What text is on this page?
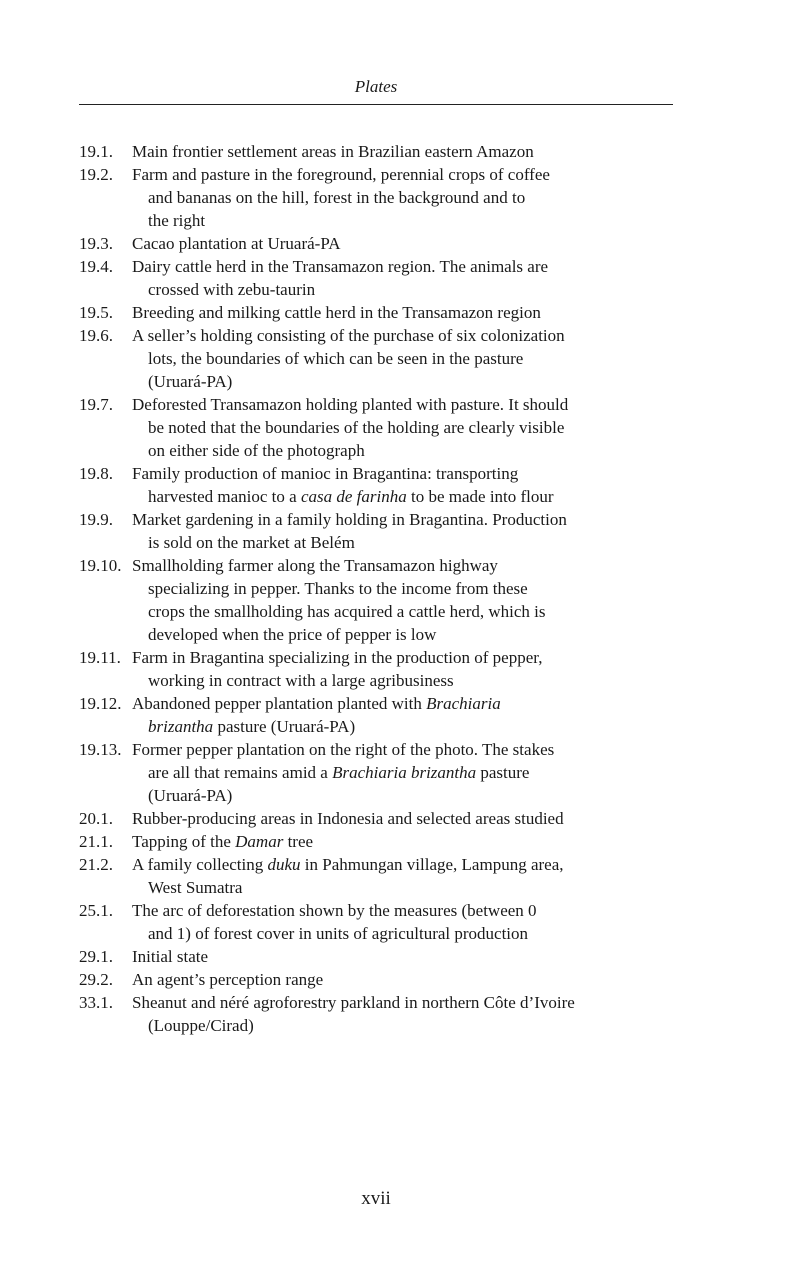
Plates
19.1.	Main frontier settlement areas in Brazilian eastern Amazon
19.2.	Farm and pasture in the foreground, perennial crops of coffee
and bananas on the hill, forest in the background and to
the right
19.3.	Cacao plantation at Uruará-PA
19.4.	Dairy cattle herd in the Transamazon region. The animals are
crossed with zebu-taurin
19.5.	Breeding and milking cattle herd in the Transamazon region
19.6.	A seller’s holding consisting of the purchase of six colonization
lots, the boundaries of which can be seen in the pasture
(Uruará-PA)
19.7.	Deforested Transamazon holding planted with pasture. It should
be noted that the boundaries of the holding are clearly visible
on either side of the photograph
19.8.	Family production of manioc in Bragantina: transporting
harvested manioc to a casa de farinha to be made into flour
19.9.	Market gardening in a family holding in Bragantina. Production
is sold on the market at Belém
19.10. Smallholding farmer along the Transamazon highway
specializing in pepper. Thanks to the income from these
crops the smallholding has acquired a cattle herd, which is
developed when the price of pepper is low
19.11. Farm in Bragantina specializing in the production of pepper,
working in contract with a large agribusiness
19.12. Abandoned pepper plantation planted with Brachiaria
brizantha pasture (Uruará-PA)
19.13. Former pepper plantation on the right of the photo. The stakes
are all that remains amid a Brachiaria brizantha pasture
(Uruará-PA)
20.1.	Rubber-producing areas in Indonesia and selected areas studied
21.1.	Tapping of the Damar tree
21.2.	A family collecting duku in Pahmungan village, Lampung area,
West Sumatra
25.1.	The arc of deforestation shown by the measures (between 0
and 1) of forest cover in units of agricultural production
29.1.	Initial state
29.2.	An agent’s perception range
33.1.	Sheanut and néré agroforestry parkland in northern Côte d’Ivoire
(Louppe/Cirad)
xvii
